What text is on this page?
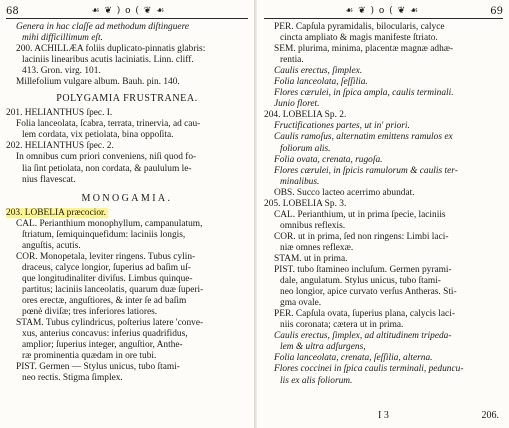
68	☙ ❦ ) o ( ❦ ☙
Genera in hac claſſe ad methodum diſtinguere
mihi difficillimum eſt.
200. ACHILLÆA foliis duplicato-pinnatis glabris:
laciniis linearibus acutis laciniatis. Linn. cliff.
413. Gron. virg. 101.
Millefolium vulgare album. Bauh. pin. 140.
POLYGAMIA FRUSTRANEA.
201. HELIANTHUS ſpec. I.
Folia lanceolata, ſcabra, terrata, trinervia, ad cau-
lem cordata, vix petiolata, bina oppoſita.
202. HELIANTHUS ſpec. 2.
In omnibus cum priori conveniens, niſi quod fo-
lia ſint petiolata, non cordata, & paululum le-
nius flavescat.
MONOGAMIA.
203. LOBELIA præcocior.
CAL. Perianthium monophyllum, campanulatum,
ſtriatum, ſemiquinquefidum: laciniis longis,
anguſtis, acutis.
COR. Monopetala, leviter ringens. Tubus cylin-
draceus, calyce longior, ſuperius ad baſim uſ-
que longitudinaliter diviſus. Limbus quinque-
partitus; laciniis lanceolatis, quarum duæ ſuperi-
ores erectæ, anguſtiores, & inter ſe ad baſim
pœnè diviſæ; tres inferiores latiores.
STAM. Tubus cylindricus, poſterius latere 'conve-
xus, anterius concavus: inferius quadrifidus,
amplior; ſuperius integer, anguſtior, Anthe-
ræ prominentia quædam in ore tubi.
PIST. Germen — Stylus unicus, tubo ſtami-
neo rectis. Stigma ſimplex.
☙ ❦ ) o ( ❦ ☙	69
PER. Capſula pyramidalis, bilocularis, calyce
cincta ampliato & magis manifeste ſtriato.
SEM. plurima, minima, placentæ magnæ adhæ-
rentia.
Caulis erectus, ſimplex.
Folia lanceolata, ſeſſilia.
Flores cærulei, in ſpica ampla, caulis terminali.
Junio floret.
204. LOBELIA Sp. 2.
Fructificationes partes, ut in' priori.
Caulis ramoſus, alternatim emittens ramulos ex
foliorum alis.
Folia ovata, crenata, rugoſa.
Flores cærulei, in ſpicis ramulorum & caulis ter-
minalibus.
OBS. Succo lacteo acerrimo abundat.
205. LOBELIA Sp. 3.
CAL. Perianthium, ut in prima ſpecie, laciniis
omnibus reflexis.
COR. ut in prima, ſed non ringens: Limbi laci-
niæ omnes reflexæ.
STAM. ut in prima.
PIST. tubo ſtamineo incluſum. Germen pyrami-
dale, angulatum. Stylus unicus, tubo ſtami-
neo longior, apice curvato verſus Antheras. Sti-
gma ovale.
PER. Capſula ovata, ſuperius plana, calycis laci-
niis coronata; cætera ut in prima.
Caulis erectus, ſimplex, ad altitudinem tripeda-
lem & ultra adſurgens,
Folia lanceolata, crenata, ſeſſilia, alterna.
Flores coccinei in ſpica caulis terminali, peduncu-
lis ex alis foliorum.
I 3	206.
